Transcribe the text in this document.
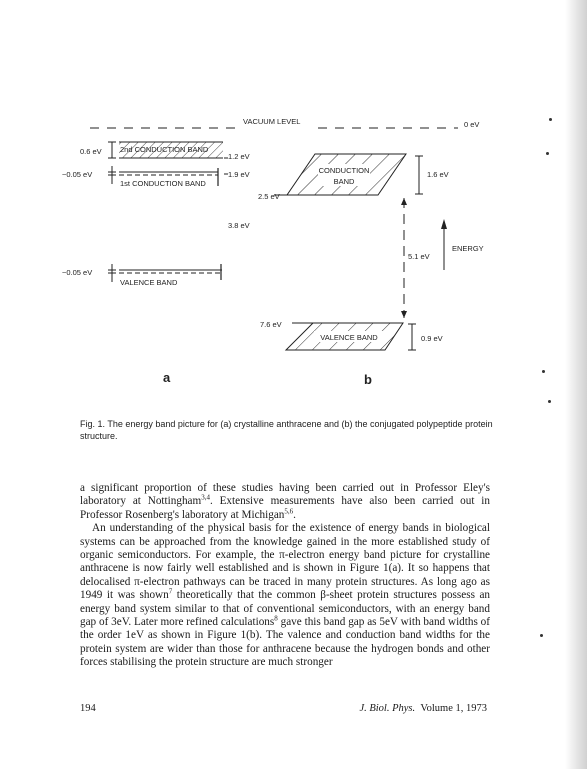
VACUUM LEVEL	0 eV
2nd CONDUCTION BAND
0.6 eV
1.2 eV
1st CONDUCTION BAND
~0.05 eV	1.9 eV
3.8 eV
~0.05 eV
VALENCE BAND
a
CONDUCTION
BAND
2.5 eV
1.6 eV
5.1 eV
ENERGY
VALENCE BAND
7.6 eV
0.9 eV
b
Fig. 1. The energy band picture for (a) crystalline anthracene and (b) the conjugated polypeptide protein structure.

a significant proportion of these studies having been carried out in Professor Eley's laboratory at Nottingham$^{3,4}$. Extensive measurements have also been carried out in Professor Rosenberg's laboratory at Michigan$^{5,6}$.

An understanding of the physical basis for the existence of energy bands in biological systems can be approached from the knowledge gained in the more established study of organic semiconductors. For example, the π-electron energy band picture for crystalline anthracene is now fairly well established and is shown in Figure 1(a). It so happens that delocalised π-electron pathways can be traced in many protein structures. As long ago as 1949 it was shown$^7$ theoretically that the common β-sheet protein structures possess an energy band system similar to that of conventional semiconductors, with an energy band gap of 3eV. Later more refined calculations$^8$ gave this band gap as 5eV with band widths of the order 1eV as shown in Figure 1(b). The valence and conduction band widths for the protein system are wider than those for anthracene because the hydrogen bonds and other forces stabilising the protein structure are much stronger

194	J. Biol. Phys. Volume 1, 1973
